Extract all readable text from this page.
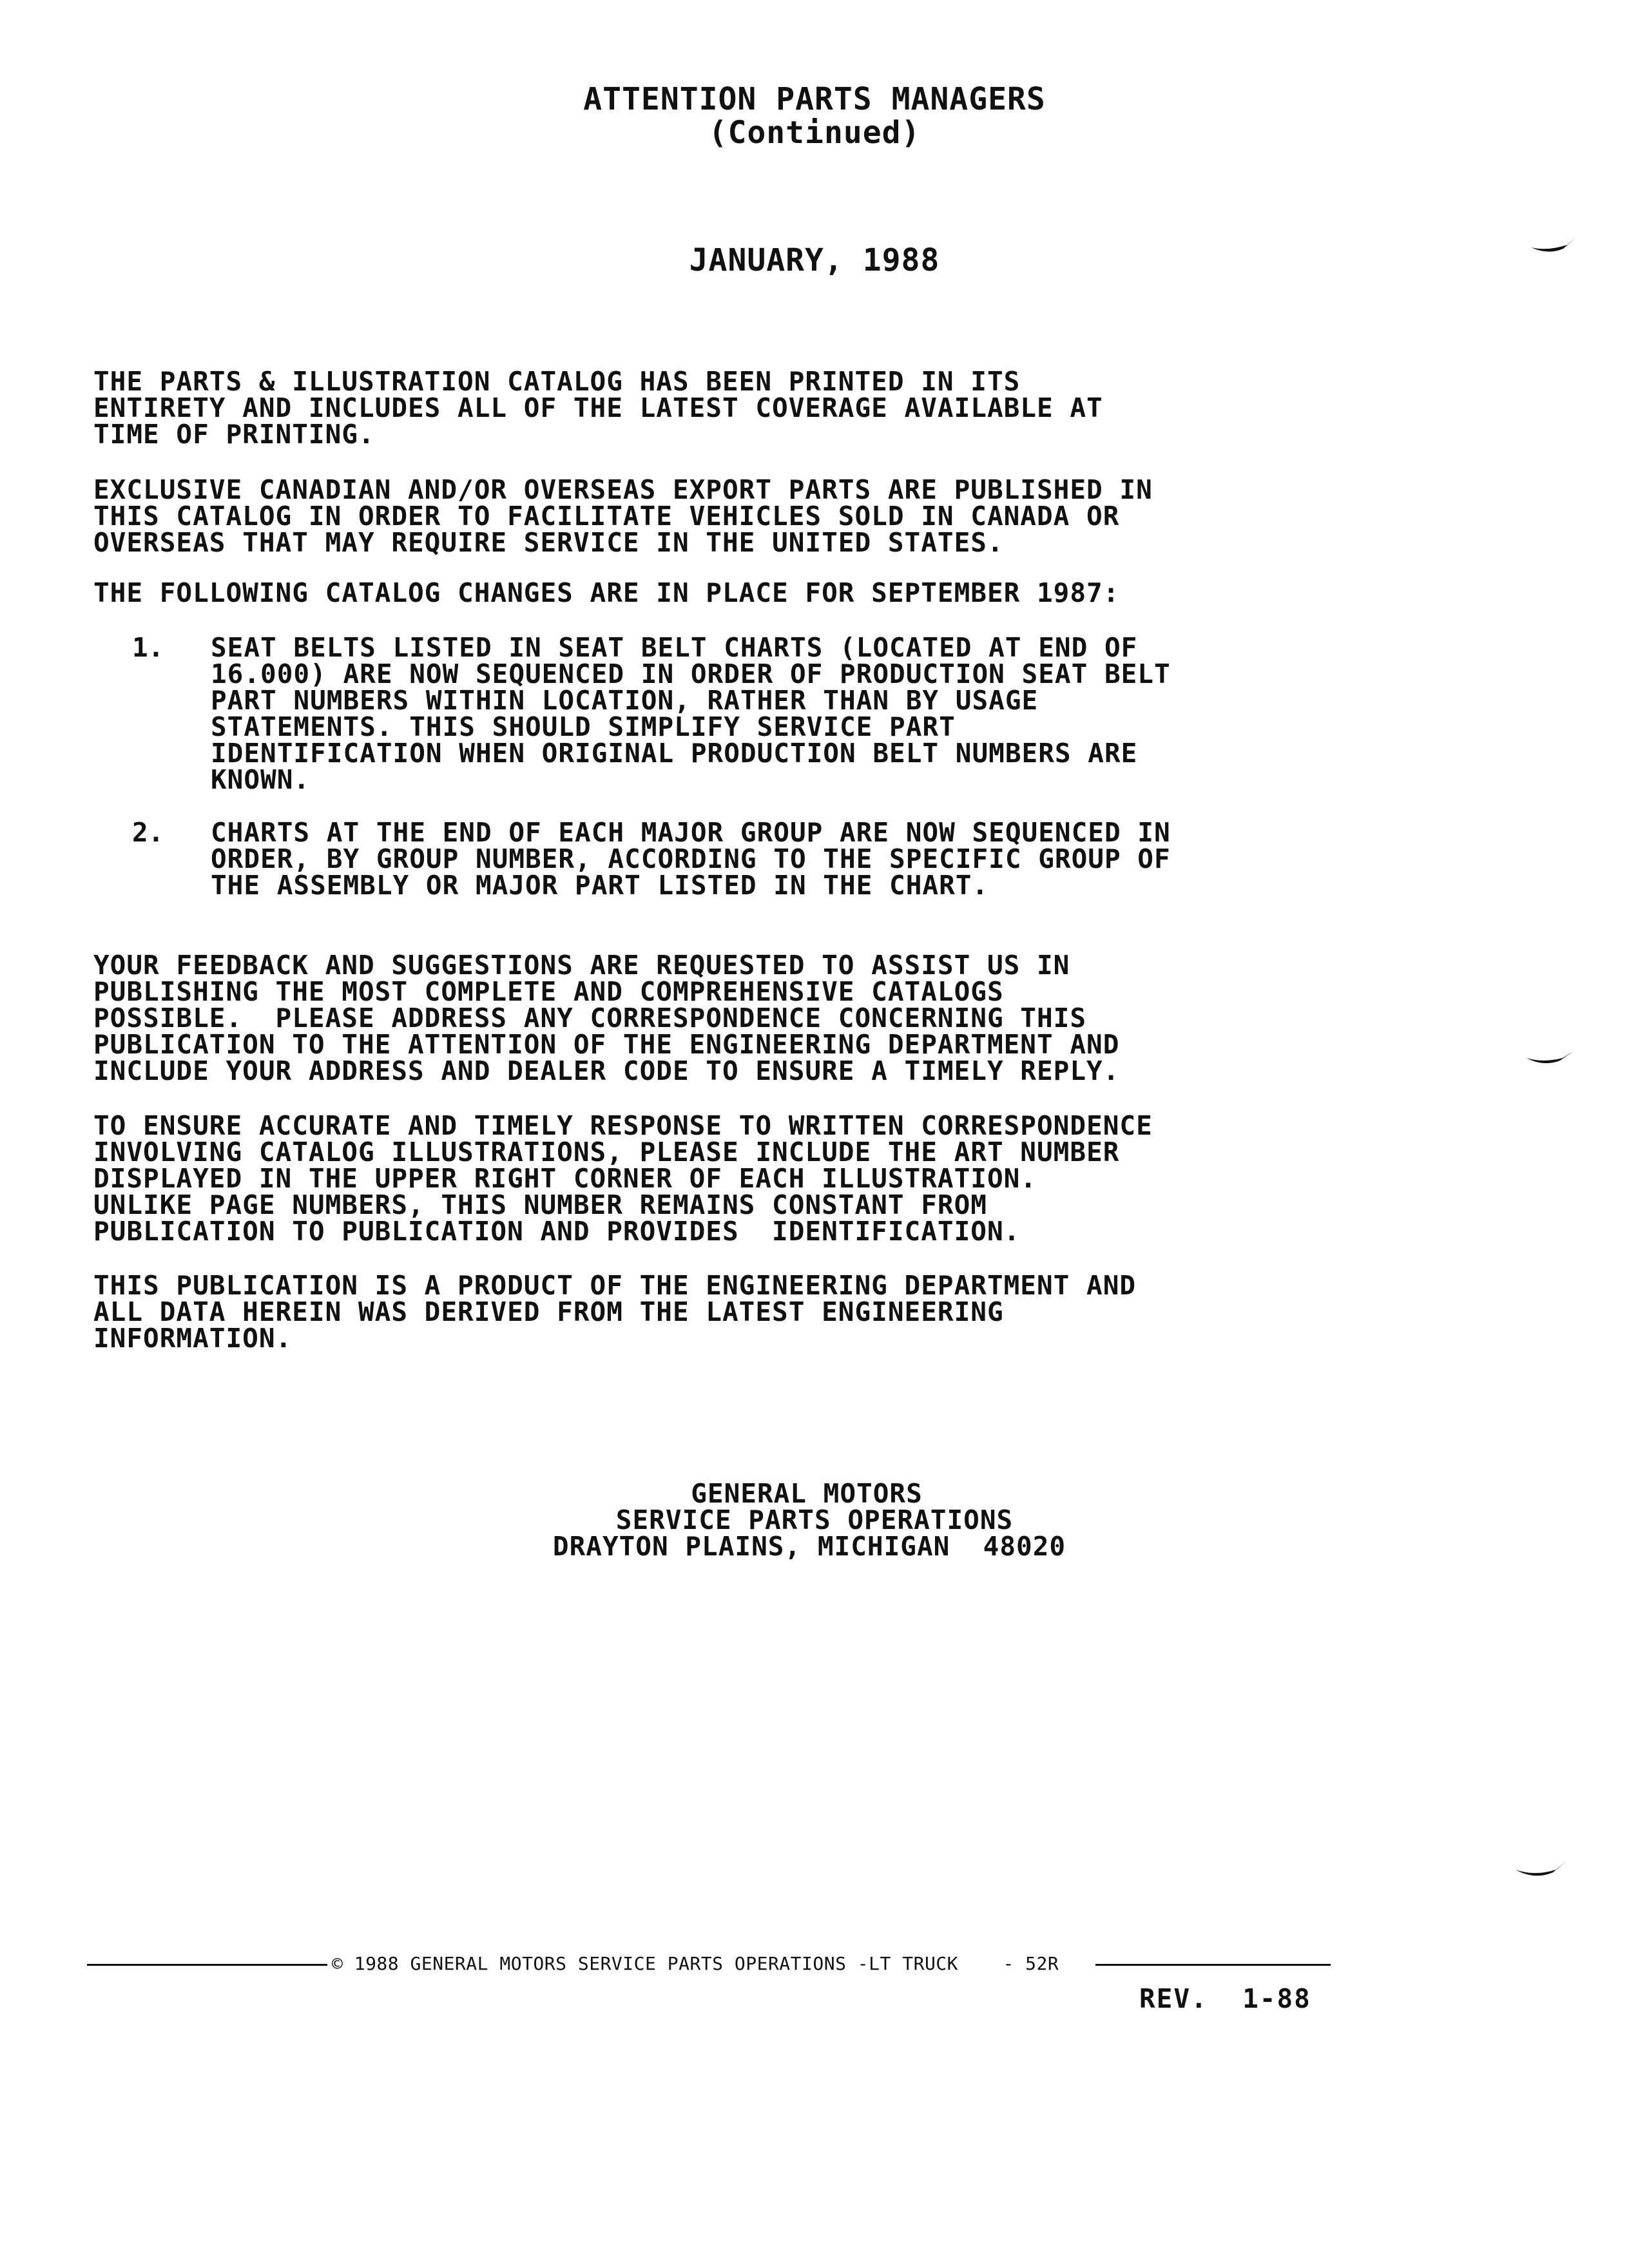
ATTENTION PARTS MANAGERS
(Continued)
JANUARY, 1988
THE PARTS & ILLUSTRATION CATALOG HAS BEEN PRINTED IN ITS
ENTIRETY AND INCLUDES ALL OF THE LATEST COVERAGE AVAILABLE AT
TIME OF PRINTING.
EXCLUSIVE CANADIAN AND/OR OVERSEAS EXPORT PARTS ARE PUBLISHED IN
THIS CATALOG IN ORDER TO FACILITATE VEHICLES SOLD IN CANADA OR
OVERSEAS THAT MAY REQUIRE SERVICE IN THE UNITED STATES.
THE FOLLOWING CATALOG CHANGES ARE IN PLACE FOR SEPTEMBER 1987:
1. SEAT BELTS LISTED IN SEAT BELT CHARTS (LOCATED AT END OF
16.000) ARE NOW SEQUENCED IN ORDER OF PRODUCTION SEAT BELT
PART NUMBERS WITHIN LOCATION, RATHER THAN BY USAGE
STATEMENTS. THIS SHOULD SIMPLIFY SERVICE PART
IDENTIFICATION WHEN ORIGINAL PRODUCTION BELT NUMBERS ARE
KNOWN.
2. CHARTS AT THE END OF EACH MAJOR GROUP ARE NOW SEQUENCED IN
ORDER, BY GROUP NUMBER, ACCORDING TO THE SPECIFIC GROUP OF
THE ASSEMBLY OR MAJOR PART LISTED IN THE CHART.
YOUR FEEDBACK AND SUGGESTIONS ARE REQUESTED TO ASSIST US IN
PUBLISHING THE MOST COMPLETE AND COMPREHENSIVE CATALOGS
POSSIBLE.  PLEASE ADDRESS ANY CORRESPONDENCE CONCERNING THIS
PUBLICATION TO THE ATTENTION OF THE ENGINEERING DEPARTMENT AND
INCLUDE YOUR ADDRESS AND DEALER CODE TO ENSURE A TIMELY REPLY.
TO ENSURE ACCURATE AND TIMELY RESPONSE TO WRITTEN CORRESPONDENCE
INVOLVING CATALOG ILLUSTRATIONS, PLEASE INCLUDE THE ART NUMBER
DISPLAYED IN THE UPPER RIGHT CORNER OF EACH ILLUSTRATION.
UNLIKE PAGE NUMBERS, THIS NUMBER REMAINS CONSTANT FROM
PUBLICATION TO PUBLICATION AND PROVIDES  IDENTIFICATION.
THIS PUBLICATION IS A PRODUCT OF THE ENGINEERING DEPARTMENT AND
ALL DATA HEREIN WAS DERIVED FROM THE LATEST ENGINEERING
INFORMATION.
GENERAL MOTORS
SERVICE PARTS OPERATIONS
DRAYTON PLAINS, MICHIGAN  48020
© 1988 GENERAL MOTORS SERVICE PARTS OPERATIONS -LT TRUCK    - 52R
REV.  1-88
